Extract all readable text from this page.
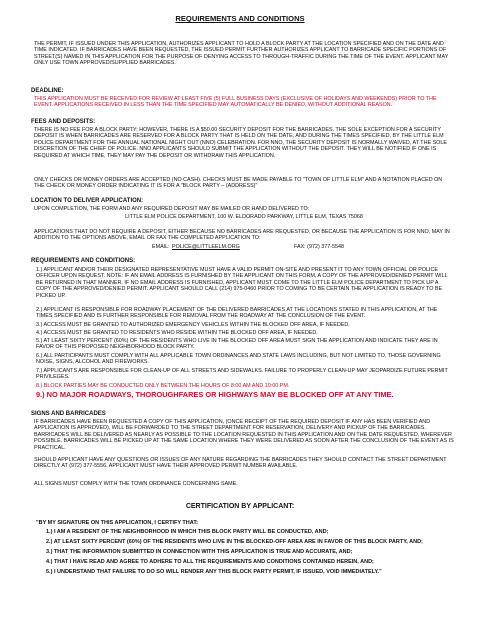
REQUIREMENTS AND CONDITIONS
THE PERMIT, IF ISSUED UNDER THIS APPLICATION, AUTHORIZES APPLICANT TO HOLD A BLOCK PARTY AT THE LOCATION SPECIFIED AND ON THE DATE AND TIME INDICATED. IF BARRICADES HAVE BEEN REQUESTED, THE ISSUED PERMIT FURTHER AUTHORIZES APPLICANT TO BARRICADE SPECIFIC PORTIONS OF STREET(S) NAMED IN THIS APPLICATION FOR THE PURPOSE OF DENYING ACCESS TO THROUGH-TRAFFIC DURING THE TIME OF THE EVENT. APPLICANT MAY ONLY USE TOWN APPROVED/SUPPLIED BARRICADES.
DEADLINE:
THIS APPLICATION MUST BE RECEIVED FOR REVIEW AT LEAST FIVE (5) FULL BUSINESS DAYS (EXCLUSIVE OF HOLIDAYS AND WEEKENDS) PRIOR TO THE EVENT. APPLICATIONS RECEIVED IN LESS THAN THE TIME SPECIFIED MAY AUTOMATICALLY BE DENIED, WITHOUT ADDITIONAL REASON.
FEES AND DEPOSITS:
THERE IS NO FEE FOR A BLOCK PARTY; HOWEVER, THERE IS A $50.00 SECURITY DEPOSIT FOR THE BARRICADES. THE SOLE EXCEPTION FOR A SECURITY DEPOSIT IS WHEN BARRICADES ARE RESERVED FOR A BLOCK PARTY THAT IS HELD ON THE DATE, AND DURING THE TIMES SPECIFIED, BY THE LITTLE ELM POLICE DEPARTMENT FOR THE ANNUAL NATIONAL NIGHT OUT (NNO) CELEBRATION. FOR NNO, THE SECURITY DEPOSIT IS NORMALLY WAIVED, AT THE SOLE DISCRETION OF THE CHIEF OF POLICE. NNO APPLICANTS SHOULD SUBMIT THE APPLICATION WITHOUT THE DEPOSIT. THEY WILL BE NOTIFIED IF ONE IS REQUIRED AT WHICH TIME, THEY MAY PAY THE DEPOSIT OR WITHDRAW THIS APPLICATION.
ONLY CHECKS OR MONEY ORDERS ARE ACCEPTED (NO CASH). CHECKS MUST BE MADE PAYABLE TO "TOWN OF LITTLE ELM" AND A NOTATION PLACED ON THE CHECK OR MONEY ORDER INDICATING IT IS FOR A "BLOCK PARTY – (ADDRESS)"
LOCATION TO DELIVER APPLICATION:
UPON COMPLETION, THE FORM AND ANY REQUIRED DEPOSIT MAY BE MAILED OR HAND DELIVERED TO:
LITTLE ELM POLICE DEPARTMENT, 100 W. ELDORADO PARKWAY, LITTLE ELM, TEXAS 75068
APPLICATIONS THAT DO NOT REQUIRE A DEPOSIT, EITHER BECAUSE NO BARRICADES ARE REQUESTED, OR BECAUSE THE APPLICATION IS FOR NNO, MAY IN ADDITION TO THE OPTIONS ABOVE, EMAIL OR FAX THE COMPLETED APPLICATION TO:
EMAIL: POLICE@LITTLEELM.ORG	FAX: (972) 377-5548
REQUIREMENTS AND CONDITIONS:
1.) APPLICANT AND/OR THEIR DESIGNATED REPRESENTATIVE MUST HAVE A VALID PERMIT ON-SITE AND PRESENT IT TO ANY TOWN OFFICIAL OR POLICE OFFICER UPON REQUEST. NOTE: IF AN EMAIL ADDRESS IS FURNISHED BY THE APPLICANT ON THIS FORM, A COPY OF THE APPROVED/DENIED PERMIT WILL BE RETURNED IN THAT MANNER. IF NO EMAIL ADDRESS IS FURNISHED, APPLICANT MUST COME TO THE LITTLE ELM POLICE DEPARTMENT TO PICK UP A COPY OF THE APPROVED/DENIED PERMIT. APPLICANT SHOULD CALL (214) 975-0460 PRIOR TO COMING TO BE CERTAIN THE APPLICATION IS READY TO BE PICKED UP.
2.) APPLICANT IS RESPONSIBLE FOR ROADWAY PLACEMENT OF THE DELIVERED BARRICADES AT THE LOCATIONS STATED IN THIS APPLICATION, AT THE TIMES SPECIFIED AND IS FURTHER RESPONSIBLE FOR REMOVAL FROM THE ROADWAY AT THE CONCLUSION OF THE EVENT.
3.) ACCESS MUST BE GRANTED TO AUTHORIZED EMERGENCY VEHICLES WITHIN THE BLOCKED OFF AREA, IF NEEDED.
4.) ACCESS MUST BE GRANTED TO RESIDENTS WHO RESIDE WITHIN THE BLOCKED OFF AREA, IF NEEDED.
5.) AT LEAST SIXTY PERCENT (60%) OF THE RESIDENTS WHO LIVE IN THE BLOCKED OFF AREA MUST SIGN THE APPLICATION AND INDICATE THEY ARE IN FAVOR OF THIS PROPOSED NEIGHBORHOOD BLOCK PARTY.
6.) ALL PARTICIPANTS MUST COMPLY WITH ALL APPLICABLE TOWN ORDINANCES AND STATE LAWS INCLUDING, BUT NOT LIMITED TO, THOSE GOVERNING NOISE, SIGNS, ALCOHOL AND FIREWORKS.
7.) APPLICANTS ARE RESPONSIBLE FOR CLEAN-UP OF ALL STREETS AND SIDEWALKS. FAILURE TO PROPERLY CLEAN-UP MAY JEOPARDIZE FUTURE PERMIT PRIVILEGES.
8.) BLOCK PARTIES MAY BE CONDUCTED ONLY BETWEEN THE HOURS OF 8:00 AM AND 10:00 PM.
9.) NO MAJOR ROADWAYS, THOROUGHFARES OR HIGHWAYS MAY BE BLOCKED OFF AT ANY TIME.
SIGNS AND BARRICADES
IF BARRICADES HAVE BEEN REQUESTED A COPY OF THIS APPLICATION, (ONCE RECEIPT OF THE REQUIRED DEPOSIT IF ANY HAS BEEN VERIFIED AND APPLICATION IS APPROVED), WILL BE FORWARDED TO THE STREET DEPARTMENT FOR RESERVATION, DELIVERY AND PICKUP OF THE BARRICADES. BARRICADES WILL BE DELIVERED AS NEARLY AS POSSIBLE TO THE LOCATION REQUESTED IN THIS APPLICATION AND ON THE DATE REQUESTED, WHEREVER POSSIBLE. BARRICADES WILL BE PICKED UP AT THE SAME LOCATION WHERE THEY WERE DELIVERED AS SOON AFTER THE CONCLUSION OF THE EVENT AS IS PRACTICAL.
SHOULD APPLICANT HAVE ANY QUESTIONS OR ISSUES OF ANY NATURE REGARDING THE BARRICADES THEY SHOULD CONTACT THE STREET DEPARTMENT DIRECTLY AT (972) 377-5556. APPLICANT MUST HAVE THEIR APPROVED PERMIT NUMBER AVAILABLE.
ALL SIGNS MUST COMPLY WITH THE TOWN ORDINANCE CONCERNING SAME.
CERTIFICATION BY APPLICANT:
"BY MY SIGNATURE ON THIS APPLICATION, I CERTIFY THAT:
1.) I AM A RESIDENT OF THE NEIGHBORHOOD IN WHICH THIS BLOCK PARTY WILL BE CONDUCTED, AND;
2.) AT LEAST SIXTY PERCENT (60%) OF THE RESIDENTS WHO LIVE IN THE BLOCKED-OFF AREA ARE IN FAVOR OF THIS BLOCK PARTY, AND;
3.) THAT THE INFORMATION SUBMITTED IN CONNECTION WITH THIS APPLICATION IS TRUE AND ACCURATE, AND;
4.) THAT I HAVE READ AND AGREE TO ADHERE TO ALL THE REQUIREMENTS AND CONDITIONS CONTAINED HEREIN, AND;
5.) I UNDERSTAND THAT FAILURE TO DO SO WILL RENDER ANY THIS BLOCK PARTY PERMIT, IF ISSUED, VOID IMMEDIATELY."
